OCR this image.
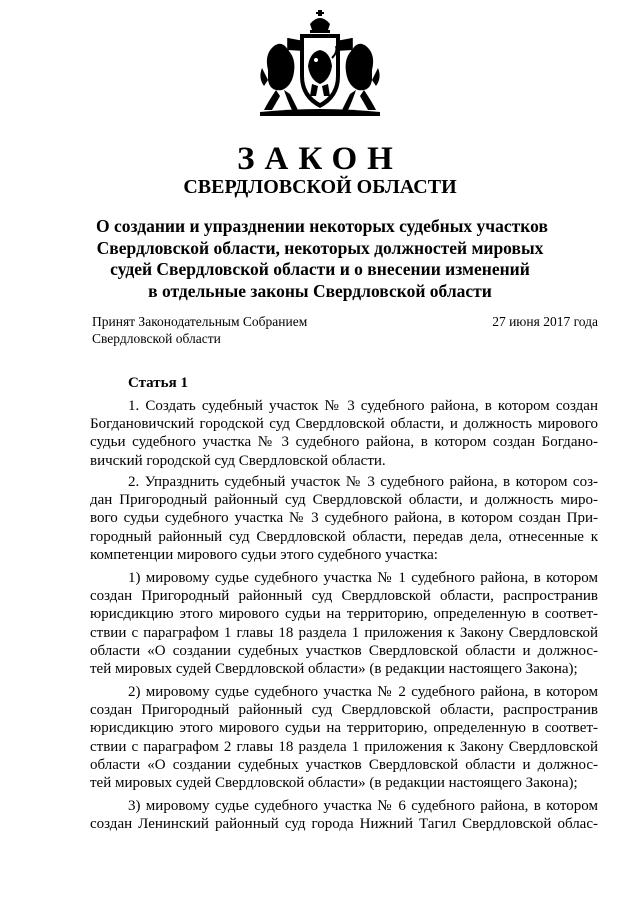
ЗАКОН
СВЕРДЛОВСКОЙ ОБЛАСТИ
О создании и упразднении некоторых судебных участков
Свердловской области, некоторых должностей мировых
судей Свердловской области и о внесении изменений
в отдельные законы Свердловской области
Принят Законодательным Собранием
Свердловской области
27 июня 2017 года
Статья 1
1. Создать судебный участок № 3 судебного района, в котором создан
Богдановичский городской суд Свердловской области, и должность мирового
судьи судебного участка № 3 судебного района, в котором создан Богдано-
вичский городской суд Свердловской области.
2. Упразднить судебный участок № 3 судебного района, в котором соз-
дан Пригородный районный суд Свердловской области, и должность миро-
вого судьи судебного участка № 3 судебного района, в котором создан При-
городный районный суд Свердловской области, передав дела, отнесенные к
компетенции мирового судьи этого судебного участка:
1) мировому судье судебного участка № 1 судебного района, в котором
создан Пригородный районный суд Свердловской области, распространив
юрисдикцию этого мирового судьи на территорию, определенную в соответ-
ствии с параграфом 1 главы 18 раздела 1 приложения к Закону Свердловской
области «О создании судебных участков Свердловской области и должнос-
тей мировых судей Свердловской области» (в редакции настоящего Закона);
2) мировому судье судебного участка № 2 судебного района, в котором
создан Пригородный районный суд Свердловской области, распространив
юрисдикцию этого мирового судьи на территорию, определенную в соответ-
ствии с параграфом 2 главы 18 раздела 1 приложения к Закону Свердловской
области «О создании судебных участков Свердловской области и должнос-
тей мировых судей Свердловской области» (в редакции настоящего Закона);
3) мировому судье судебного участка № 6 судебного района, в котором
создан Ленинский районный суд города Нижний Тагил Свердловской облас-
